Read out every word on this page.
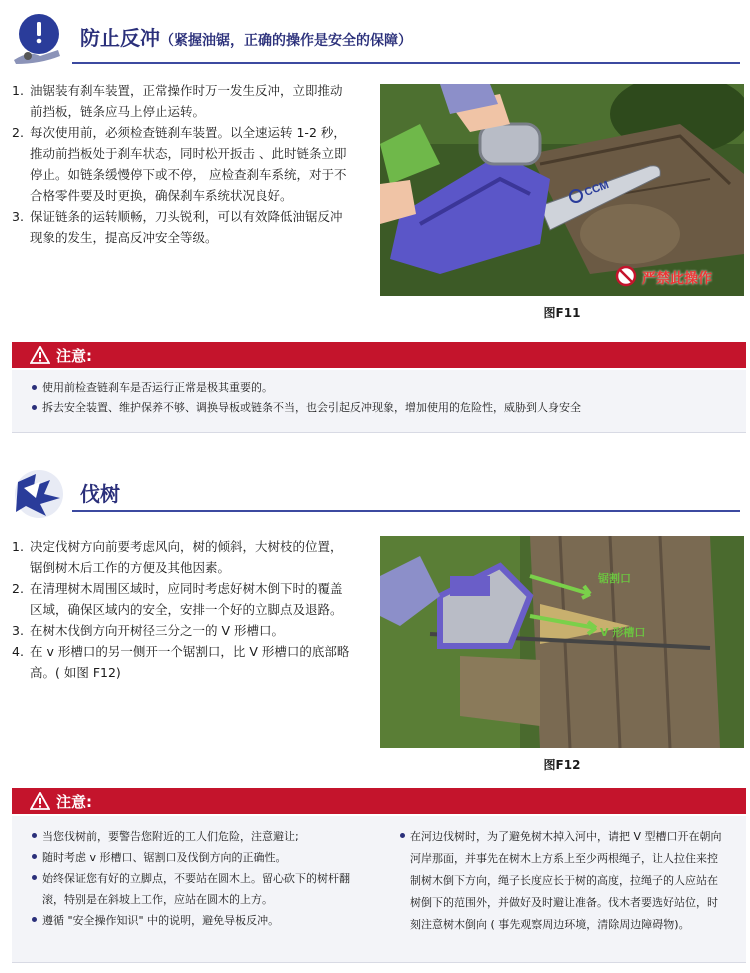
防止反冲（紧握油锯，正确的操作是安全的保障）
1. 油锯装有刹车装置，正常操作时万一发生反冲，立即推动前挡板，链条应马上停止运转。
2. 每次使用前，必须检查链刹车装置。以全速运转 1-2 秒，推动前挡板处于刹车状态，同时松开扳击 、此时链条立即停止。如链条缓慢停下或不停， 应检查刹车系统，对于不合格零件要及时更换，确保刹车系统状况良好。
3. 保证链条的运转顺畅，刀头锐利，可以有效降低油锯反冲现象的发生，提高反冲安全等级。
CCM
严禁此操作
图F11
注意:
使用前检查链刹车是否运行正常是极其重要的。
拆去安全装置、维护保养不够、调换导板或链条不当，也会引起反冲现象，增加使用的危险性，威胁到人身安全
伐树
1. 决定伐树方向前要考虑风向，树的倾斜，大树枝的位置，锯倒树木后工作的方便及其他因素。
2. 在清理树木周围区域时，应同时考虑好树木倒下时的覆盖区域，确保区域内的安全，安排一个好的立脚点及退路。
3. 在树木伐倒方向开树径三分之一的 V 形槽口。
4. 在 v 形槽口的另一侧开一个锯割口，比 V 形槽口的底部略高。( 如图 F12)
锯割口
V 形槽口
图F12
注意:
当您伐树前，要警告您附近的工人们危险，注意避让;
随时考虑 v 形槽口、锯割口及伐倒方向的正确性。
始终保证您有好的立脚点，不要站在圆木上。留心砍下的树杆翻滚，特别是在斜坡上工作，应站在圆木的上方。
遵循 "安全操作知识" 中的说明，避免导板反冲。
在河边伐树时，为了避免树木掉入河中，请把 V 型槽口开在朝向河岸那面，并事先在树木上方系上至少两根绳子，让人拉住来控制树木倒下方向，绳子长度应长于树的高度，拉绳子的人应站在树倒下的范围外，并做好及时避让准备。伐木者要选好站位，时刻注意树木倒向 ( 事先观察周边环境，清除周边障碍物)。
